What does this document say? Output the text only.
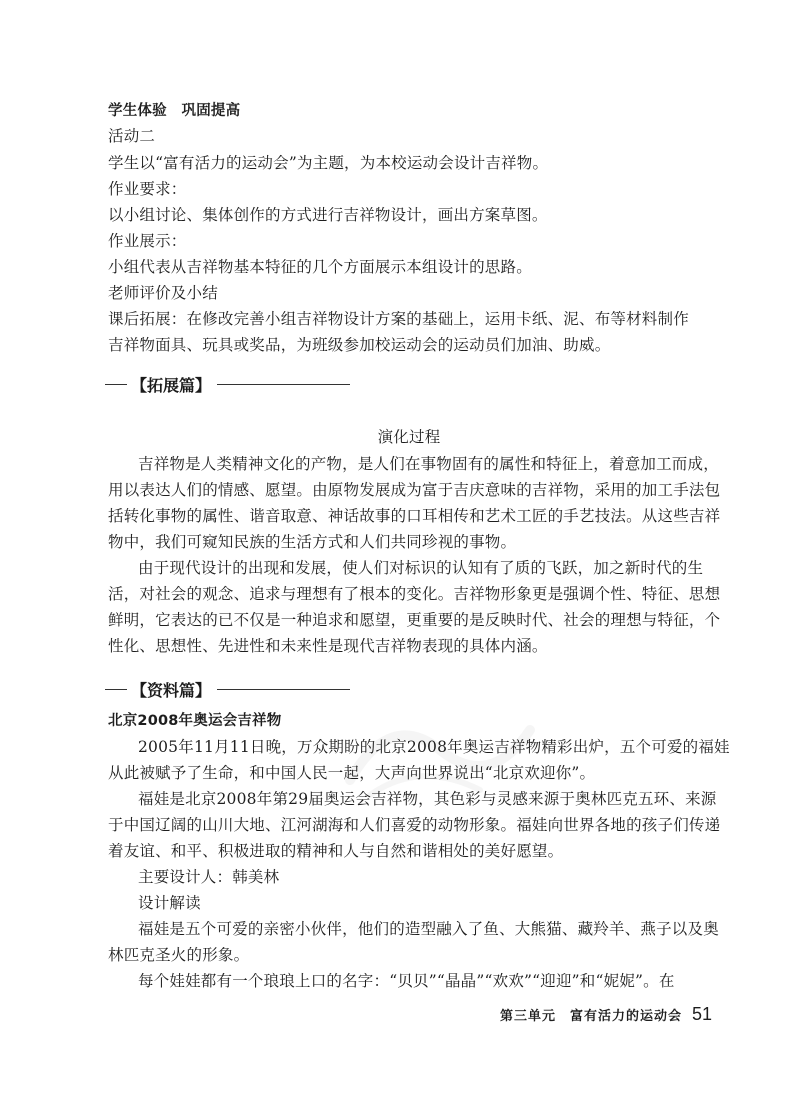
学生体验　巩固提高
活动二
学生以“富有活力的运动会”为主题，为本校运动会设计吉祥物。
作业要求：
以小组讨论、集体创作的方式进行吉祥物设计，画出方案草图。
作业展示：
小组代表从吉祥物基本特征的几个方面展示本组设计的思路。
老师评价及小结
课后拓展：在修改完善小组吉祥物设计方案的基础上，运用卡纸、泥、布等材料制作
吉祥物面具、玩具或奖品，为班级参加校运动会的运动员们加油、助威。
【拓展篇】
演化过程
吉祥物是人类精神文化的产物，是人们在事物固有的属性和特征上，着意加工而成，
用以表达人们的情感、愿望。由原物发展成为富于吉庆意味的吉祥物，采用的加工手法包
括转化事物的属性、谐音取意、神话故事的口耳相传和艺术工匠的手艺技法。从这些吉祥
物中，我们可窥知民族的生活方式和人们共同珍视的事物。
由于现代设计的出现和发展，使人们对标识的认知有了质的飞跃，加之新时代的生
活，对社会的观念、追求与理想有了根本的变化。吉祥物形象更是强调个性、特征、思想
鲜明，它表达的已不仅是一种追求和愿望，更重要的是反映时代、社会的理想与特征，个
性化、思想性、先进性和未来性是现代吉祥物表现的具体内涵。
【资料篇】
北京2008年奥运会吉祥物
2005年11月11日晚，万众期盼的北京2008年奥运吉祥物精彩出炉，五个可爱的福娃
从此被赋予了生命，和中国人民一起，大声向世界说出“北京欢迎你”。
福娃是北京2008年第29届奥运会吉祥物，其色彩与灵感来源于奥林匹克五环、来源
于中国辽阔的山川大地、江河湖海和人们喜爱的动物形象。福娃向世界各地的孩子们传递
着友谊、和平、积极进取的精神和人与自然和谐相处的美好愿望。
主要设计人：韩美林
设计解读
福娃是五个可爱的亲密小伙伴，他们的造型融入了鱼、大熊猫、藏羚羊、燕子以及奥
林匹克圣火的形象。
每个娃娃都有一个琅琅上口的名字：“贝贝”“晶晶”“欢欢”“迎迎”和“妮妮”。在
第三单元　富有活力的运动会 51
